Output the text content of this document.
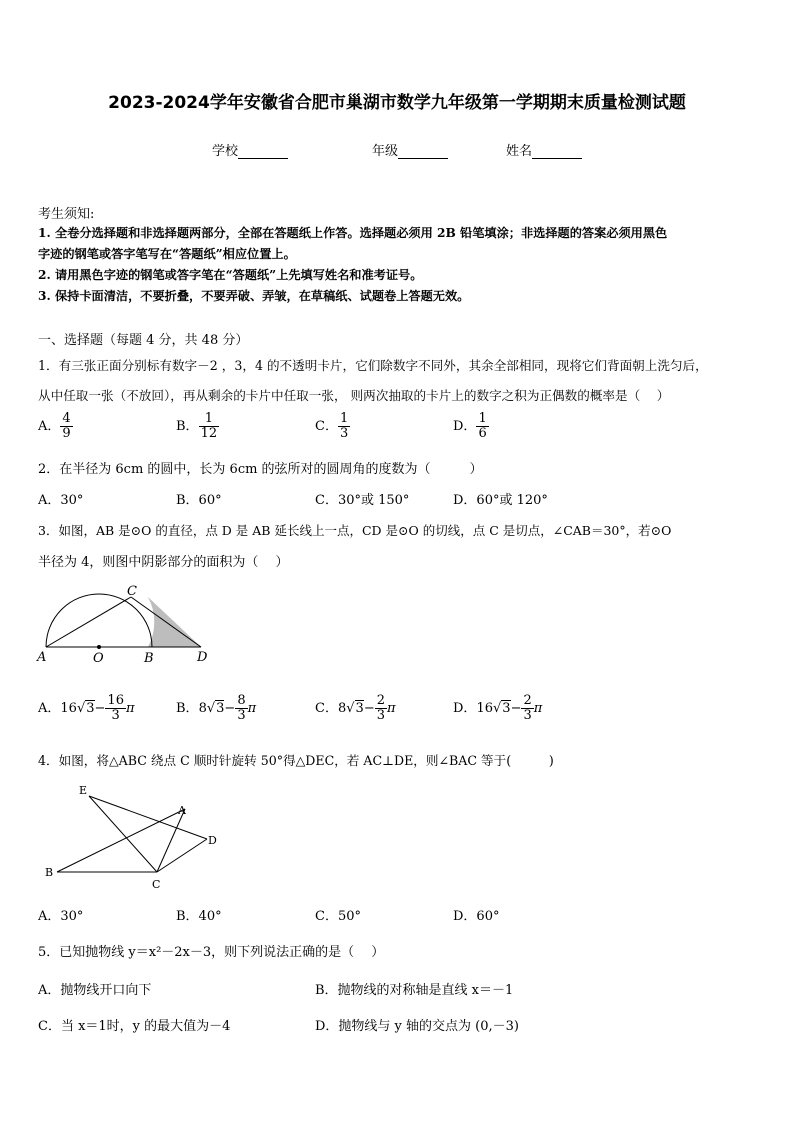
2023-2024学年安徽省合肥市巢湖市数学九年级第一学期期末质量检测试题
学校	年级	姓名
考生须知:
1. 全卷分选择题和非选择题两部分，全部在答题纸上作答。选择题必须用 2B 铅笔填涂；非选择题的答案必须用黑色
字迹的钢笔或答字笔写在“答题纸”相应位置上。
2. 请用黑色字迹的钢笔或答字笔在“答题纸”上先填写姓名和准考证号。
3. 保持卡面清洁，不要折叠，不要弄破、弄皱，在草稿纸、试题卷上答题无效。
一、选择题（每题 4 分，共 48 分）
1．有三张正面分别标有数字－2 ，3，4 的不透明卡片，它们除数字不同外，其余全部相同，现将它们背面朝上洗匀后，
从中任取一张（不放回），再从剩余的卡片中任取一张， 则两次抽取的卡片上的数字之积为正偶数的概率是（　 ）
A． $\frac{4}{9}$	B． $\frac{1}{12}$	C． $\frac{1}{3}$	D． $\frac{1}{6}$
2．在半径为 6cm 的圆中，长为 6cm 的弦所对的圆周角的度数为（　　　）
A．30°	B．60°	C．30°或 150°	D．60°或 120°
3．如图，AB 是⊙O 的直径，点 D 是 AB 延长线上一点，CD 是⊙O 的切线，点 C 是切点，∠CAB＝30°，若⊙O
半径为 4，则图中阴影部分的面积为（　 ）
A	O	B	D
C
A．$16√3- \frac{16}{3}$ π	B．$8√3- \frac{8}{3}$ π	C．$8√3- \frac{2}{3}$ π	D．$16√3- \frac{2}{3}$ π
4．如图，将△ABC 绕点 C 顺时针旋转 50°得△DEC，若 AC⊥DE，则∠BAC 等于(　　　)
E
A
D
B
C
A．30°	B．40°	C．50°	D．60°
5．已知抛物线 y＝x²－2x－3，则下列说法正确的是（　 ）
A．抛物线开口向下	B．抛物线的对称轴是直线 x＝－1
C．当 x＝1时，y 的最大值为－4	D．抛物线与 y 轴的交点为 (0,－3)
